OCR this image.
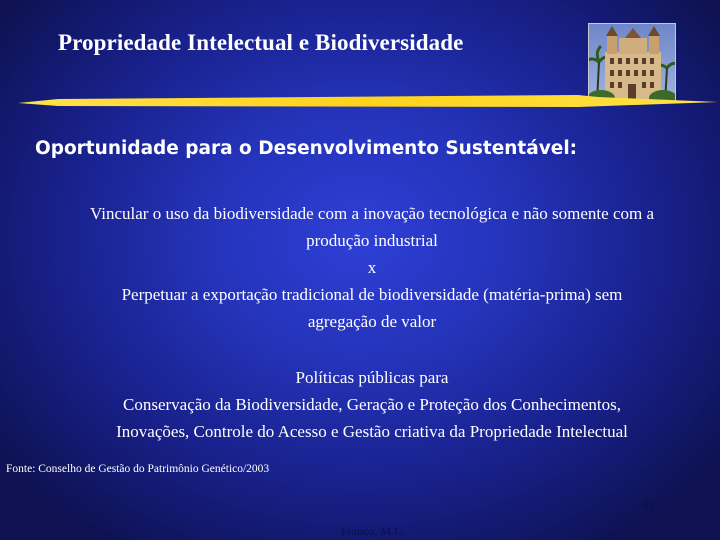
Propriedade Intelectual e Biodiversidade
Oportunidade para o Desenvolvimento Sustentável:
Vincular o uso da biodiversidade com a inovação tecnológica e não somente com a
produção industrial
x
Perpetuar a exportação tradicional de biodiversidade (matéria-prima) sem
agregação de valor
Políticas públicas para
Conservação da Biodiversidade, Geração e Proteção dos Conhecimentos,
Inovações, Controle do Acesso e Gestão criativa da Propriedade Intelectual
Fonte: Conselho de Gestão do Patrimônio Genético/2003
41
Franco, M.C.
